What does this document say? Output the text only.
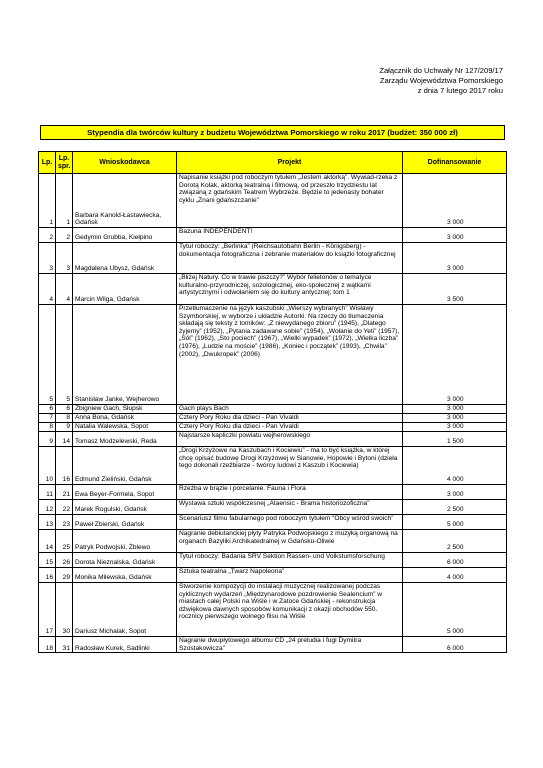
Załącznik do Uchwały Nr 127/209/17
Zarządu Województwa Pomorskiego
z dnia 7 lutego 2017 roku
Stypendia dla twórców kultury z budżetu Województwa Pomorskiego w roku 2017 (budżet: 350 000 zł)
Lp.	Lp. spr.	Wnioskodawca	Projekt	Dofinansowanie
1	1	Barbara Kanold-Łastawiecka, Gdańsk	Napisanie książki pod roboczym tytułem „Jestem aktorką”. Wywiad-rzeka z Dorotą Kolak, aktorką teatralną i filmową, od przeszło trzydziestu lat związaną z gdańskim Teatrem Wybrzeże. Będzie to jedenasty bohater cyklu „Znani gdańszczanie”	3 000
2	2	Gedymin Grubba, Kiełpino	Bazuna INDEPENDENT!	3 000
3	3	Magdalena Ubysz, Gdańsk	Tytuł roboczy: „Berlinka” (Reichsautobahn Berlin - Königsberg) - dokumentacja fotograficzna i zebranie materiałów do książki fotograficznej	3 000
4	4	Marcin Wilga, Gdańsk	„Bliżej Natury. Co w trawie piszczy?” Wybór felietonów o tematyce kulturalno-przyrodniczej, sozologicznej, eko-społecznej z wątkami artystycznymi i odwołaniem się do kultury antycznej; tom 1	3 500
5	5	Stanisław Janke, Wejherowo	Przetłumaczenie na język kaszubski „Wierszy wybranych” Wisławy Szymborskiej, w wyborze i układzie Autorki. Na rzeczy do tłumaczenia składają się teksty z tomików: „Z niewydanego zbioru” (1945), „Dlatego żyjemy” (1952), „Pytania zadawane sobie” (1954), „Wołanie do Yeti” (1957), „Sól” (1962), „Sto pociech” (1967), „Wielki wypadek” (1972), „Wielka liczba” (1976), „Ludzie na moście” (1986), „Koniec i początek” (1993), „Chwila” (2002), „Dwukropek” (2006)	3 000
6	6	Zbigniew Gach, Słupsk	Gach plays Bach	3 000
7	8	Anna Bona, Gdańsk	Cztery Pory Roku dla dzieci - Pan Vivaldi	3 000
8	9	Natalia Walewska, Sopot	Cztery Pory Roku dla dzieci - Pan Vivaldi	3 000
9	14	Tomasz Modzelewski, Reda	Najstarsze kapliczki powiatu wejherowskiego	1 500
10	16	Edmund Zieliński, Gdańsk	„Drogi Krzyżowe na Kaszubach i Kociewiu” - ma to być książka, w której chcę opisać budowę Drogi Krzyżowej w Sianowie, Hopowie i Bytoni (dzieła tego dokonali rzeźbiarze - twórcy ludowi z Kaszub i Kociewia)	4 000
11	21	Ewa Beyer-Formela, Sopot	Rzeźba w brązie i porcelanie. Fauna i Flora	3 000
12	22	Marek Rogulski, Gdańsk	Wystawa sztuki współczesnej „Ataensic - Brama historiozoficzna”	2 500
13	23	Paweł Zbierski, Gdańsk	Scenariusz filmu fabularnego pod roboczym tytułem “Obcy wśród swoich”	5 000
14	25	Patryk Podwojski, Żblewo	Nagranie debiutanckiej płyty Patryka Podwojskiego z muzyką organową na organach Bazyliki Archikatedralnej w Gdańsku-Oliwie	2 500
15	26	Dorota Nieznalska, Gdańsk	Tytuł roboczy: Badania SRV Sektion Rassen- und Volkstumsforschung	6 000
16	29	Monika Milewska, Gdańsk	Sztuka teatralna „Twarz Napoleona”	4 000
17	30	Dariusz Michalak, Sopot	Stworzenie kompozycji do instalacji muzycznej realizowanej podczas cyklicznych wydarzeń „Międzynarodowe pozdrowienie Sealencium” w miastach całej Polski na Wiśle i w Zatoce Gdańskiej - rekonstrukcja dźwiękowa dawnych sposobów komunikacji z okazji obchodów 550. rocznicy pierwszego wolnego flisu na Wiśle	5 000
18	31	Radosław Kurek, Sadlinki	Nagranie dwupłytowego albumu CD „24 preludia i fugi Dymitra Szostakowicza”	6 000
